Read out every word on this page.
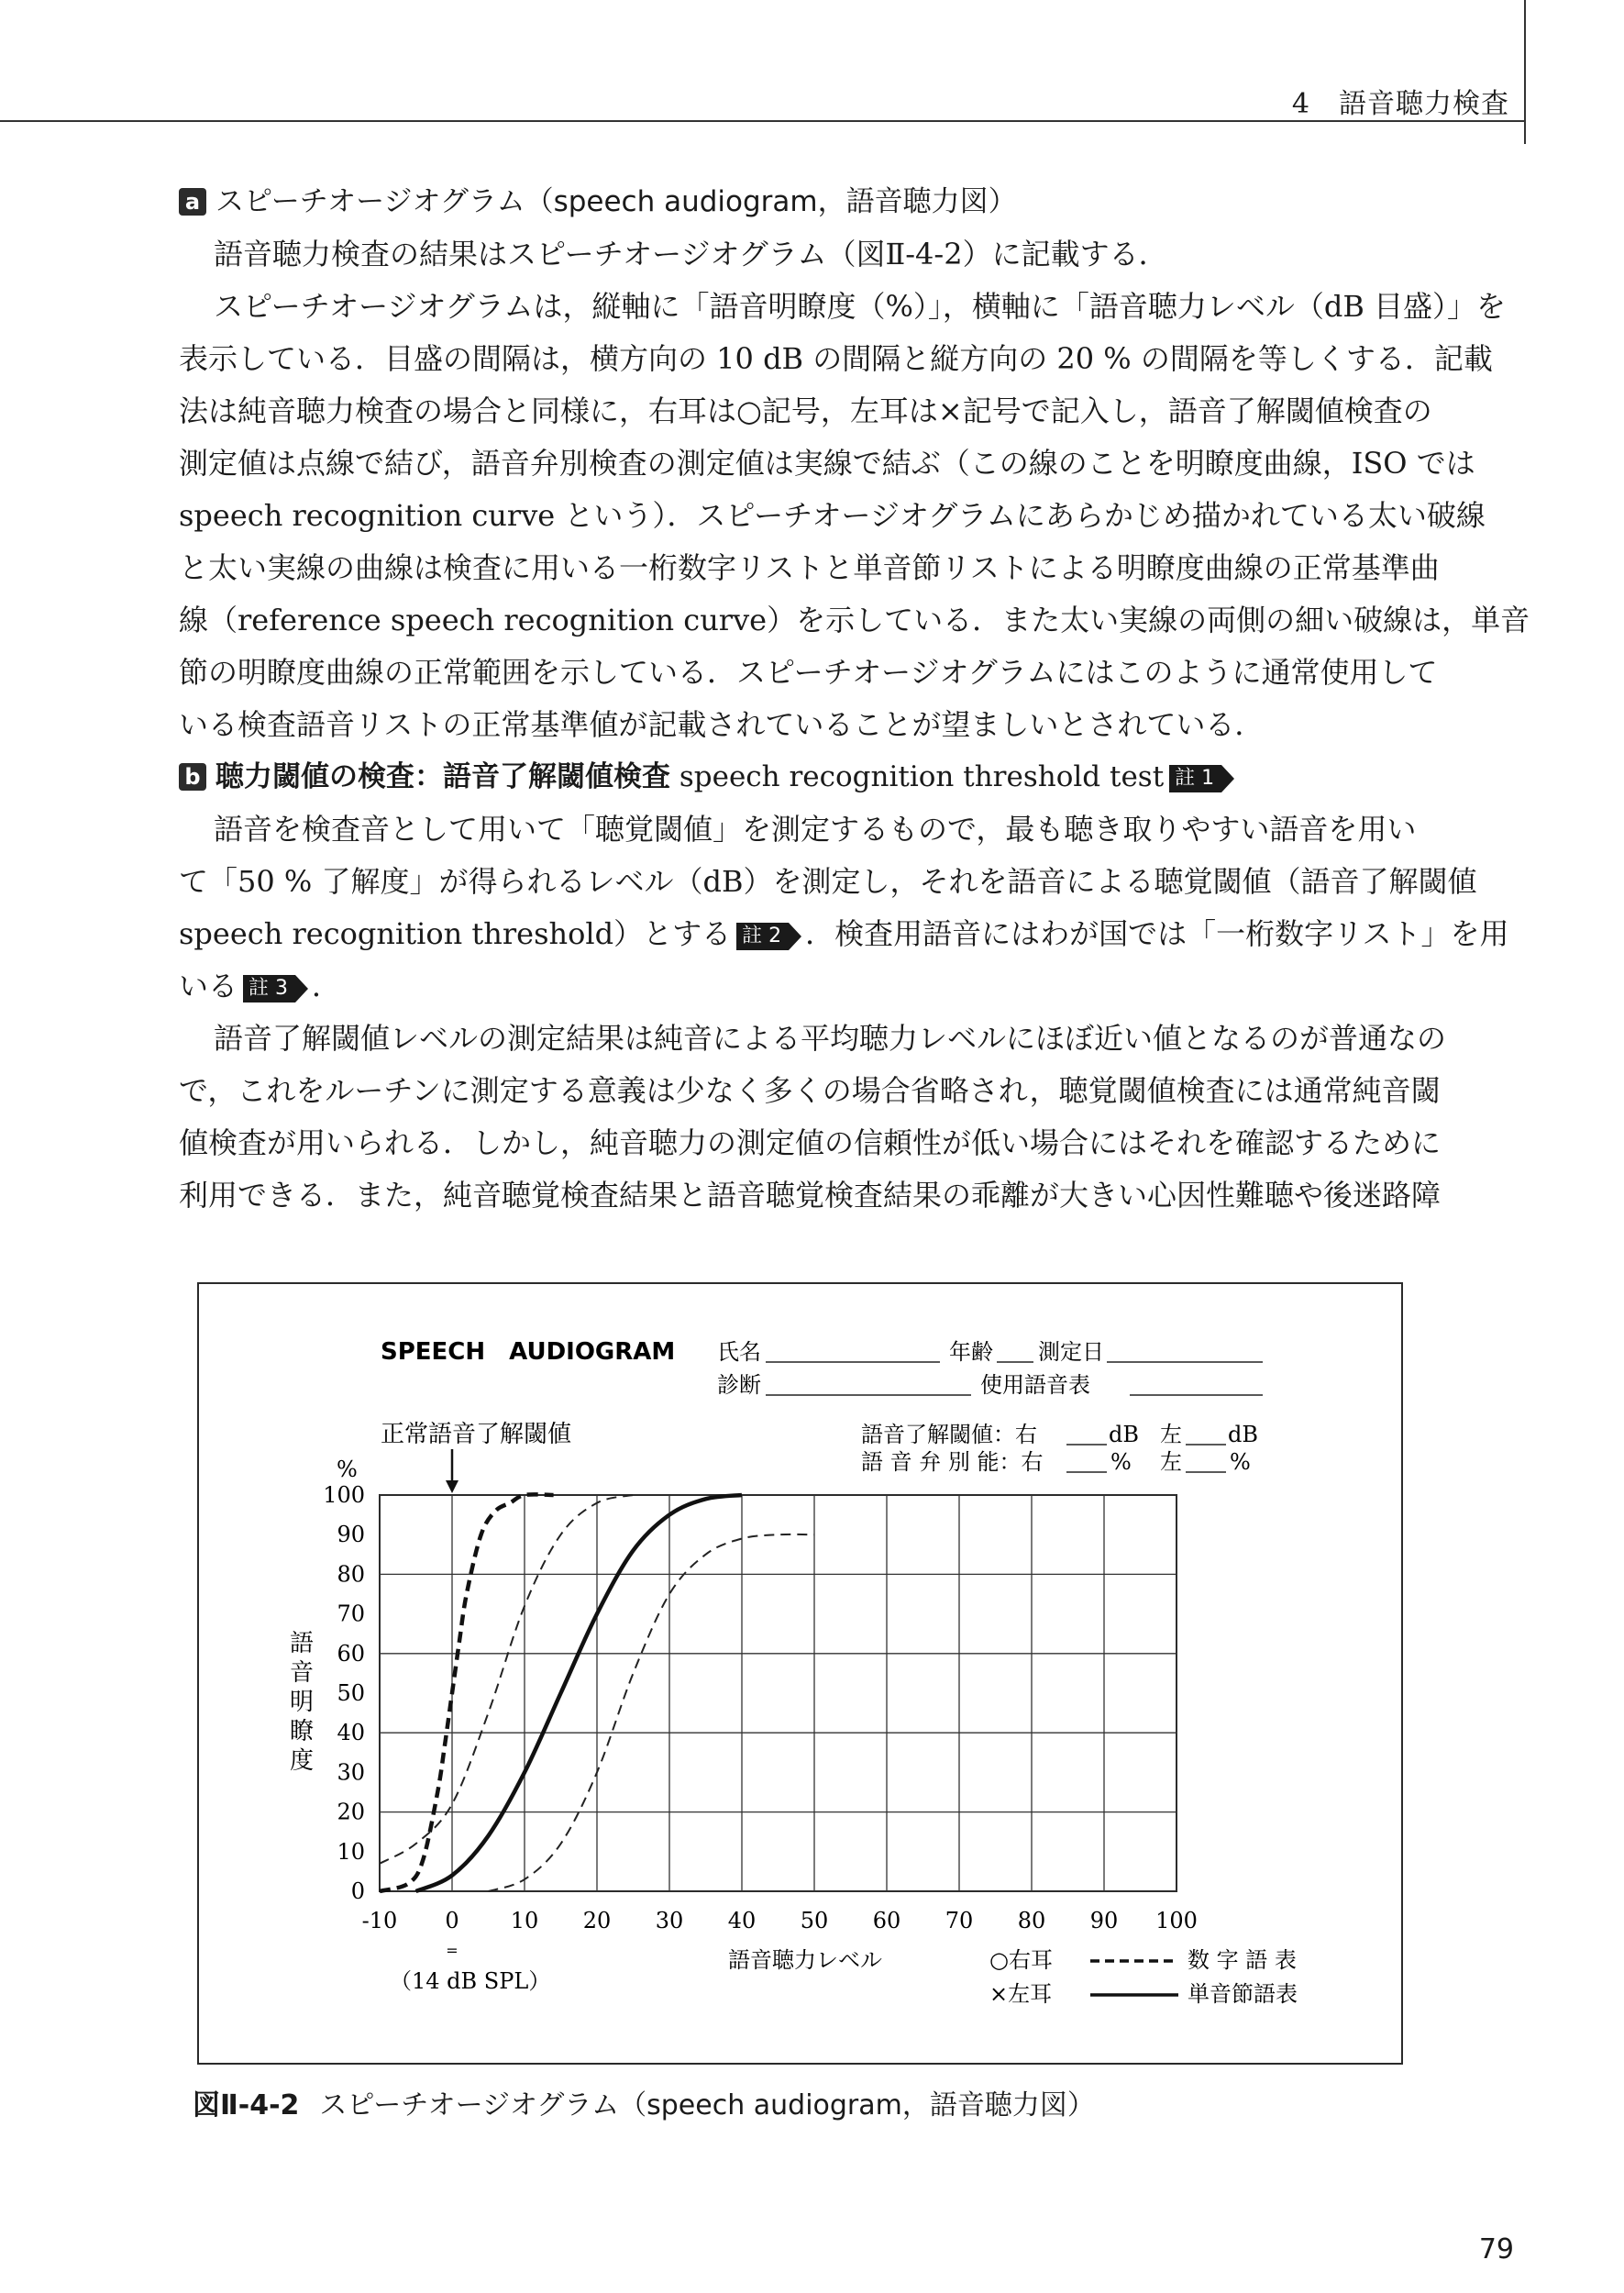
4　語音聴力検査
a スピーチオージオグラム（speech audiogram，語音聴力図）
語音聴力検査の結果はスピーチオージオグラム（図Ⅱ-4-2）に記載する．
スピーチオージオグラムは，縦軸に「語音明瞭度（%）」，横軸に「語音聴力レベル（dB 目盛）」を
表示している．目盛の間隔は，横方向の 10 dB の間隔と縦方向の 20 % の間隔を等しくする．記載
法は純音聴力検査の場合と同様に，右耳は○記号，左耳は×記号で記入し，語音了解閾値検査の
測定値は点線で結び，語音弁別検査の測定値は実線で結ぶ（この線のことを明瞭度曲線，ISO では
speech recognition curve という）．スピーチオージオグラムにあらかじめ描かれている太い破線
と太い実線の曲線は検査に用いる一桁数字リストと単音節リストによる明瞭度曲線の正常基準曲
線（reference speech recognition curve）を示している．また太い実線の両側の細い破線は，単音
節の明瞭度曲線の正常範囲を示している．スピーチオージオグラムにはこのように通常使用して
いる検査語音リストの正常基準値が記載されていることが望ましいとされている．
b 聴力閾値の検査：語音了解閾値検査 speech recognition threshold test 註 1
語音を検査音として用いて「聴覚閾値」を測定するもので，最も聴き取りやすい語音を用い
て「50 % 了解度」が得られるレベル（dB）を測定し，それを語音による聴覚閾値（語音了解閾値
speech recognition threshold）とする 註 2 ．検査用語音にはわが国では「一桁数字リスト」を用
いる 註 3 ．
語音了解閾値レベルの測定結果は純音による平均聴力レベルにほぼ近い値となるのが普通なの
で，これをルーチンに測定する意義は少なく多くの場合省略され，聴覚閾値検査には通常純音閾
値検査が用いられる．しかし，純音聴力の測定値の信頼性が低い場合にはそれを確認するために
利用できる．また，純音聴覚検査結果と語音聴覚検査結果の乖離が大きい心因性難聴や後迷路障
SPEECH　AUDIOGRAM 氏名	年齢 測定日
診断	使用語音表
語音了解閾値：右	dB 左 dB
語 音 弁 別 能：右	% 左 %
正常語音了解閾値
%
語
音
明
瞭
度
0
10
20
30
40
50
60
70
80
90
100
-10 0 10 20 30 40 50 60 70 80 90 100
=
（14 dB SPL）
語音聴力レベル	○右耳	数 字 語 表
×左耳	単音節語表
図Ⅱ-4-2 スピーチオージオグラム（speech audiogram，語音聴力図）
79
